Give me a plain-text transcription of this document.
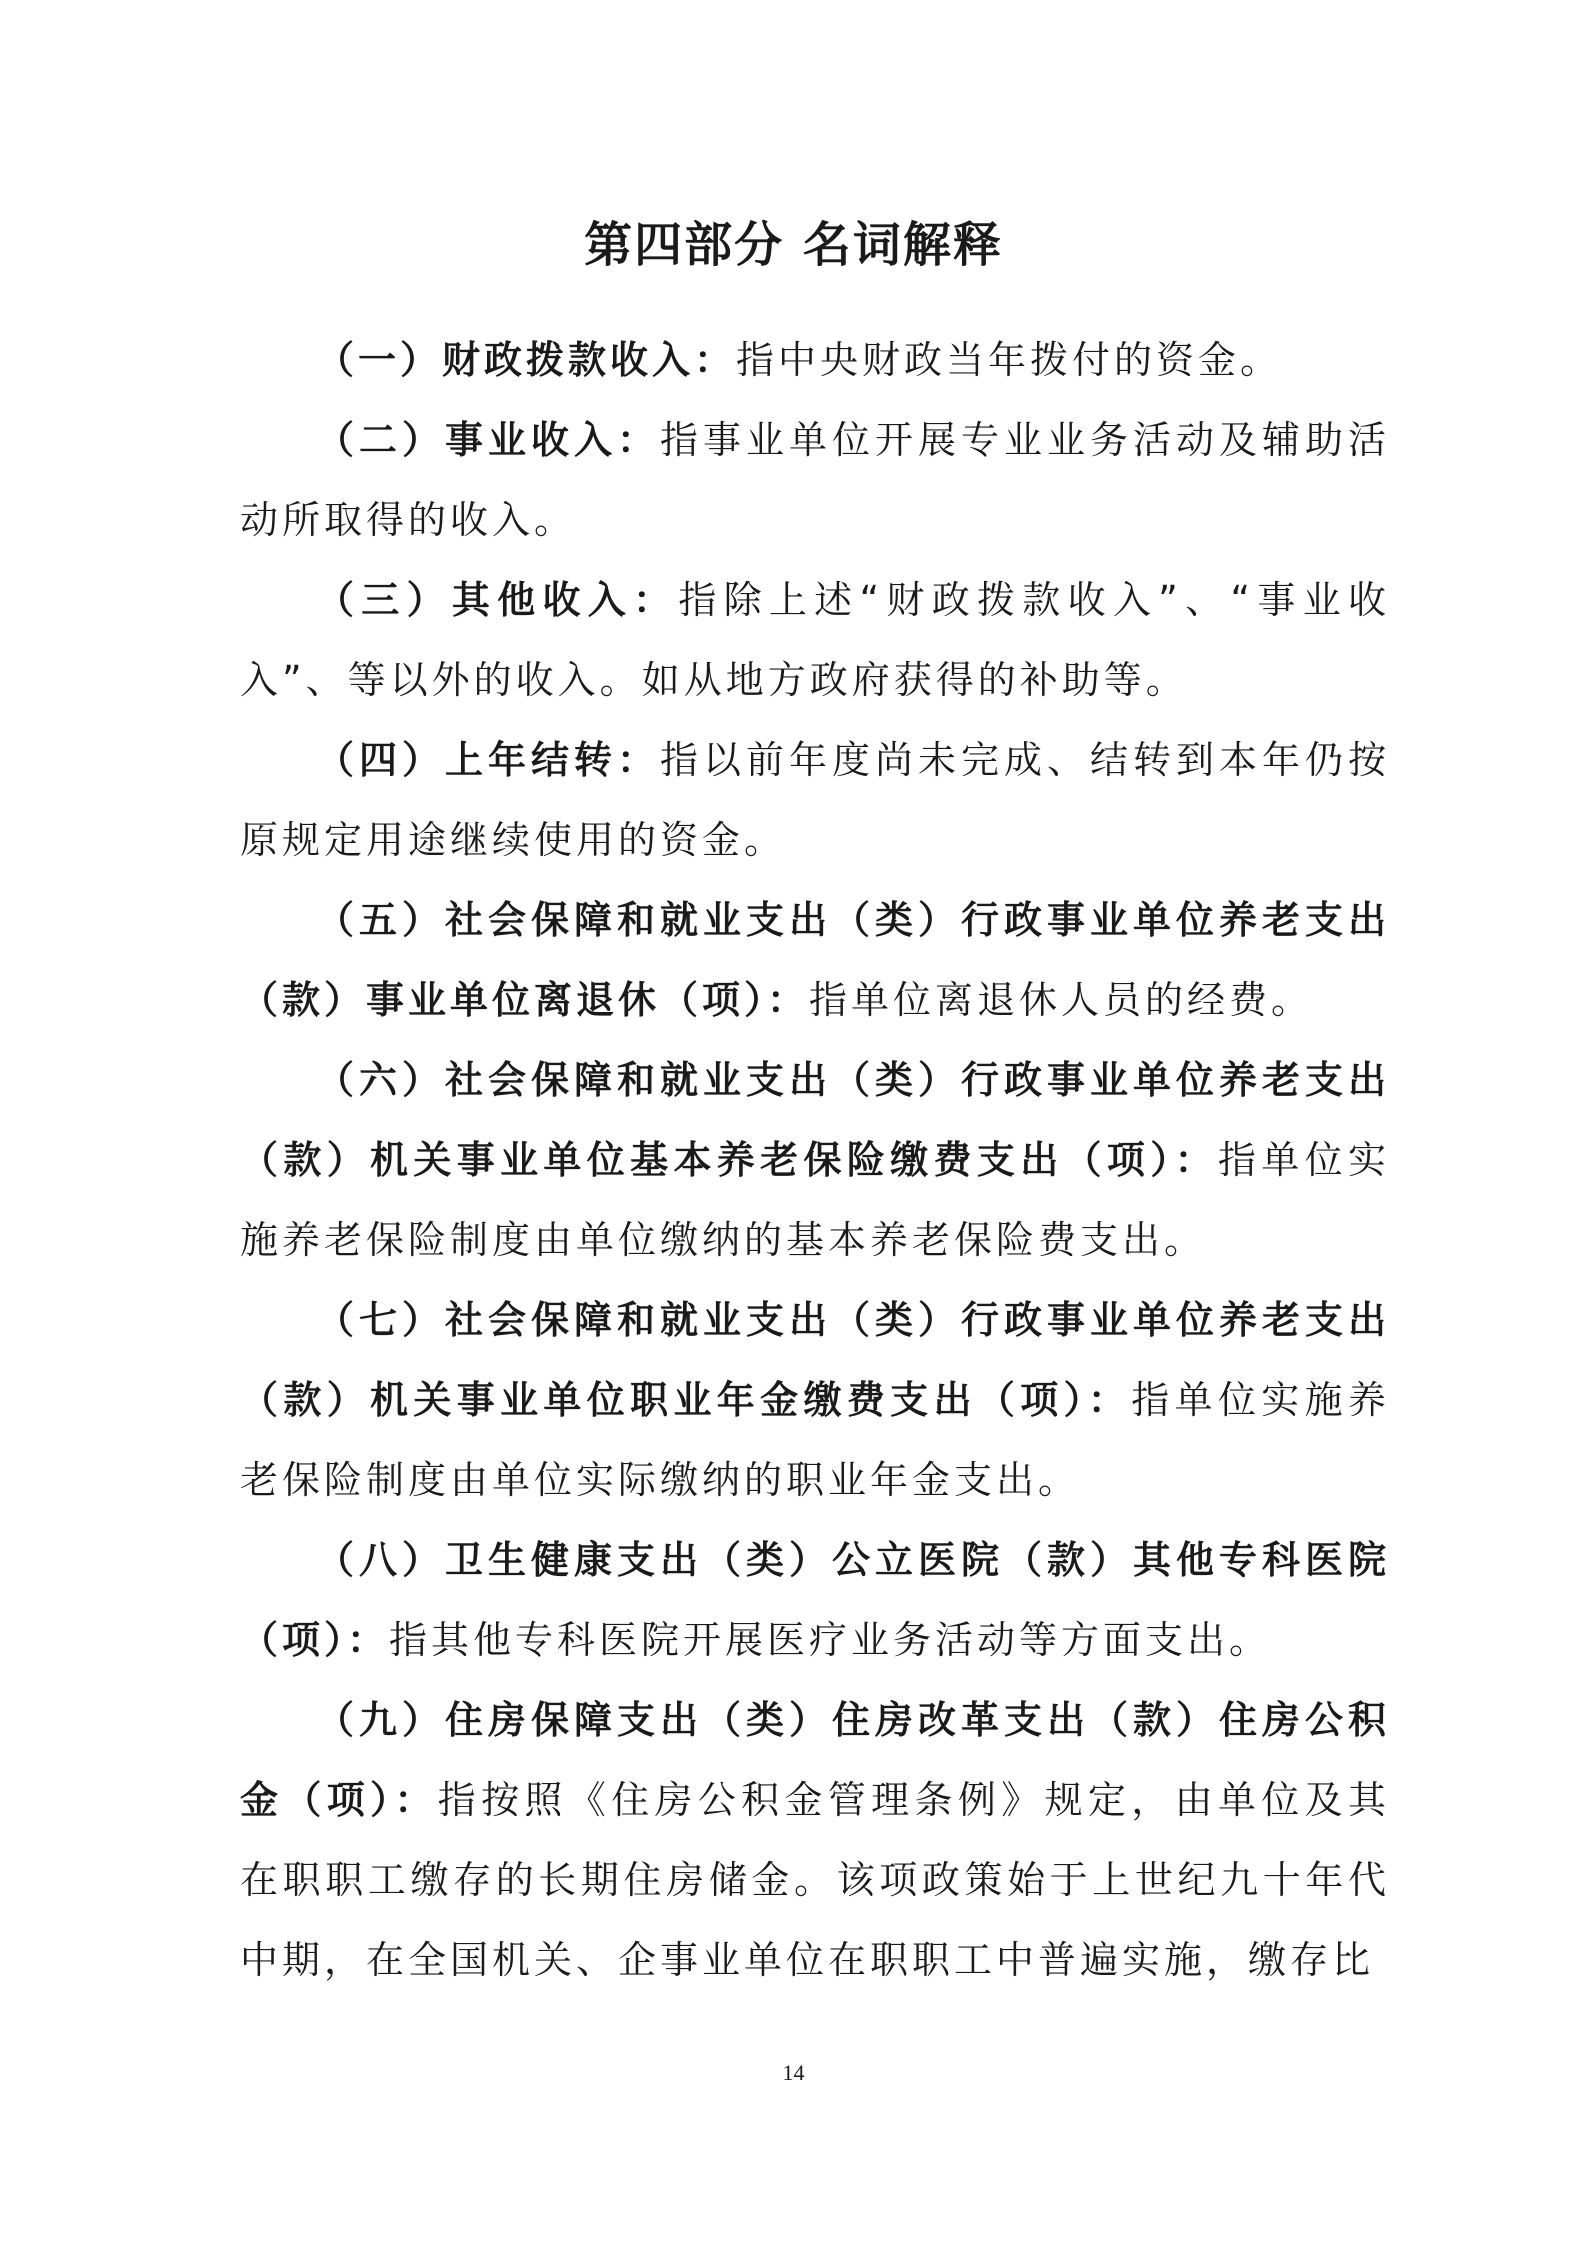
第四部分 名词解释

（一）财政拨款收入：指中央财政当年拨付的资金。

（二）事业收入：指事业单位开展专业业务活动及辅助活动所取得的收入。

（三）其他收入：指除上述“财政拨款收入”、“事业收入”、等以外的收入。如从地方政府获得的补助等。

（四）上年结转：指以前年度尚未完成、结转到本年仍按原规定用途继续使用的资金。

（五）社会保障和就业支出（类）行政事业单位养老支出（款）事业单位离退休（项）：指单位离退休人员的经费。

（六）社会保障和就业支出（类）行政事业单位养老支出（款）机关事业单位基本养老保险缴费支出（项）：指单位实施养老保险制度由单位缴纳的基本养老保险费支出。

（七）社会保障和就业支出（类）行政事业单位养老支出（款）机关事业单位职业年金缴费支出（项）：指单位实施养老保险制度由单位实际缴纳的职业年金支出。

（八）卫生健康支出（类）公立医院（款）其他专科医院（项）：指其他专科医院开展医疗业务活动等方面支出。

（九）住房保障支出（类）住房改革支出（款）住房公积金（项）：指按照《住房公积金管理条例》规定，由单位及其在职职工缴存的长期住房储金。该项政策始于上世纪九十年代中期，在全国机关、企事业单位在职职工中普遍实施，缴存比

14
